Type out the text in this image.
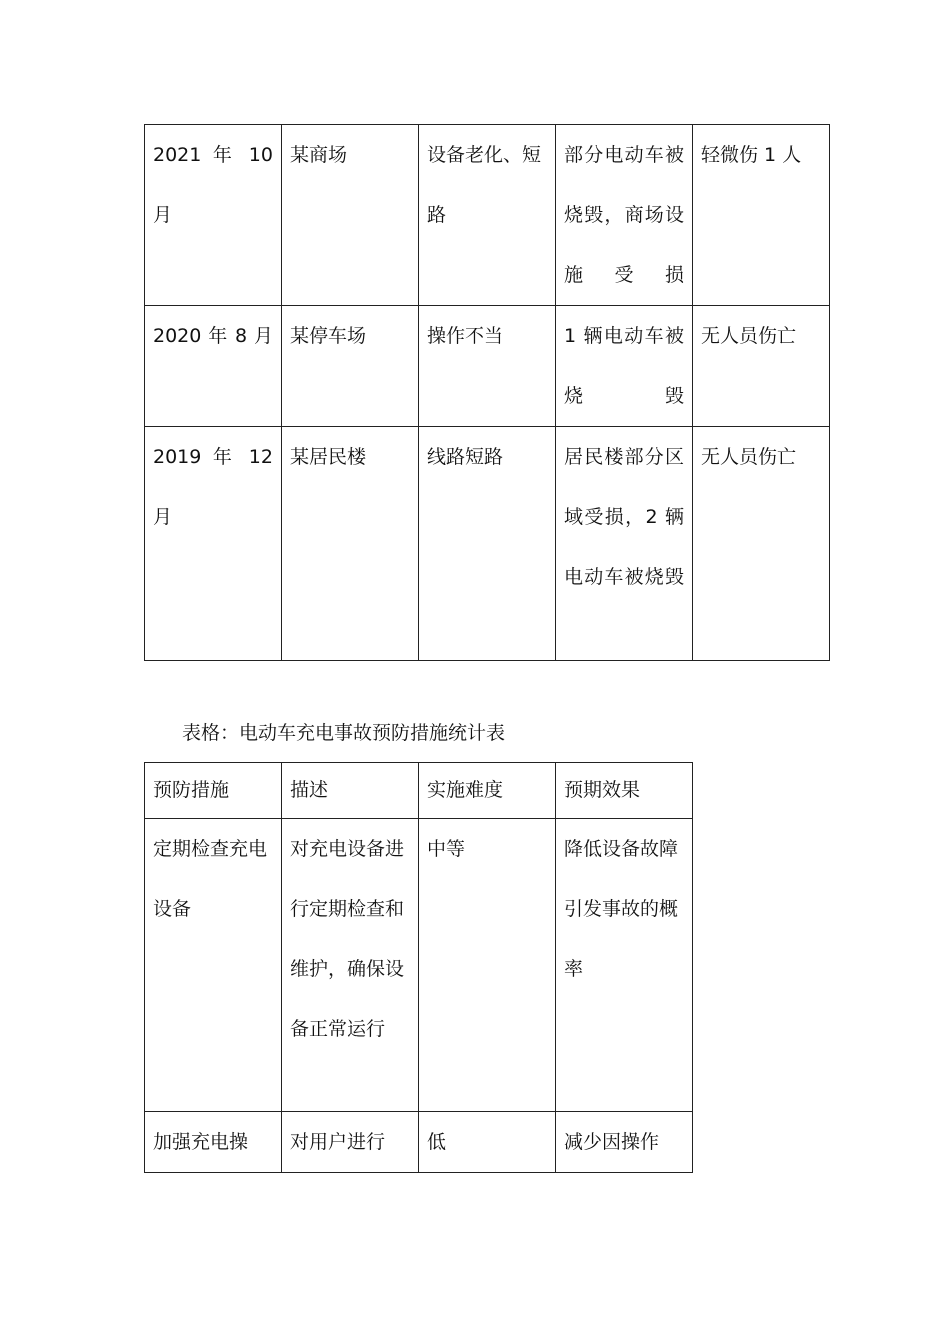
2021 年 10 月	某商场	设备老化、短路	部分电动车被烧毁，商场设施受损	轻微伤 1 人
2020 年 8 月	某停车场	操作不当	1 辆电动车被烧毁	无人员伤亡
2019 年 12 月	某居民楼	线路短路	居民楼部分区域受损，2 辆电动车被烧毁	无人员伤亡
表格：电动车充电事故预防措施统计表
预防措施	描述	实施难度	预期效果
定期检查充电设备	对充电设备进行定期检查和维护，确保设备正常运行	中等	降低设备故障引发事故的概率
加强充电操	对用户进行	低	减少因操作
